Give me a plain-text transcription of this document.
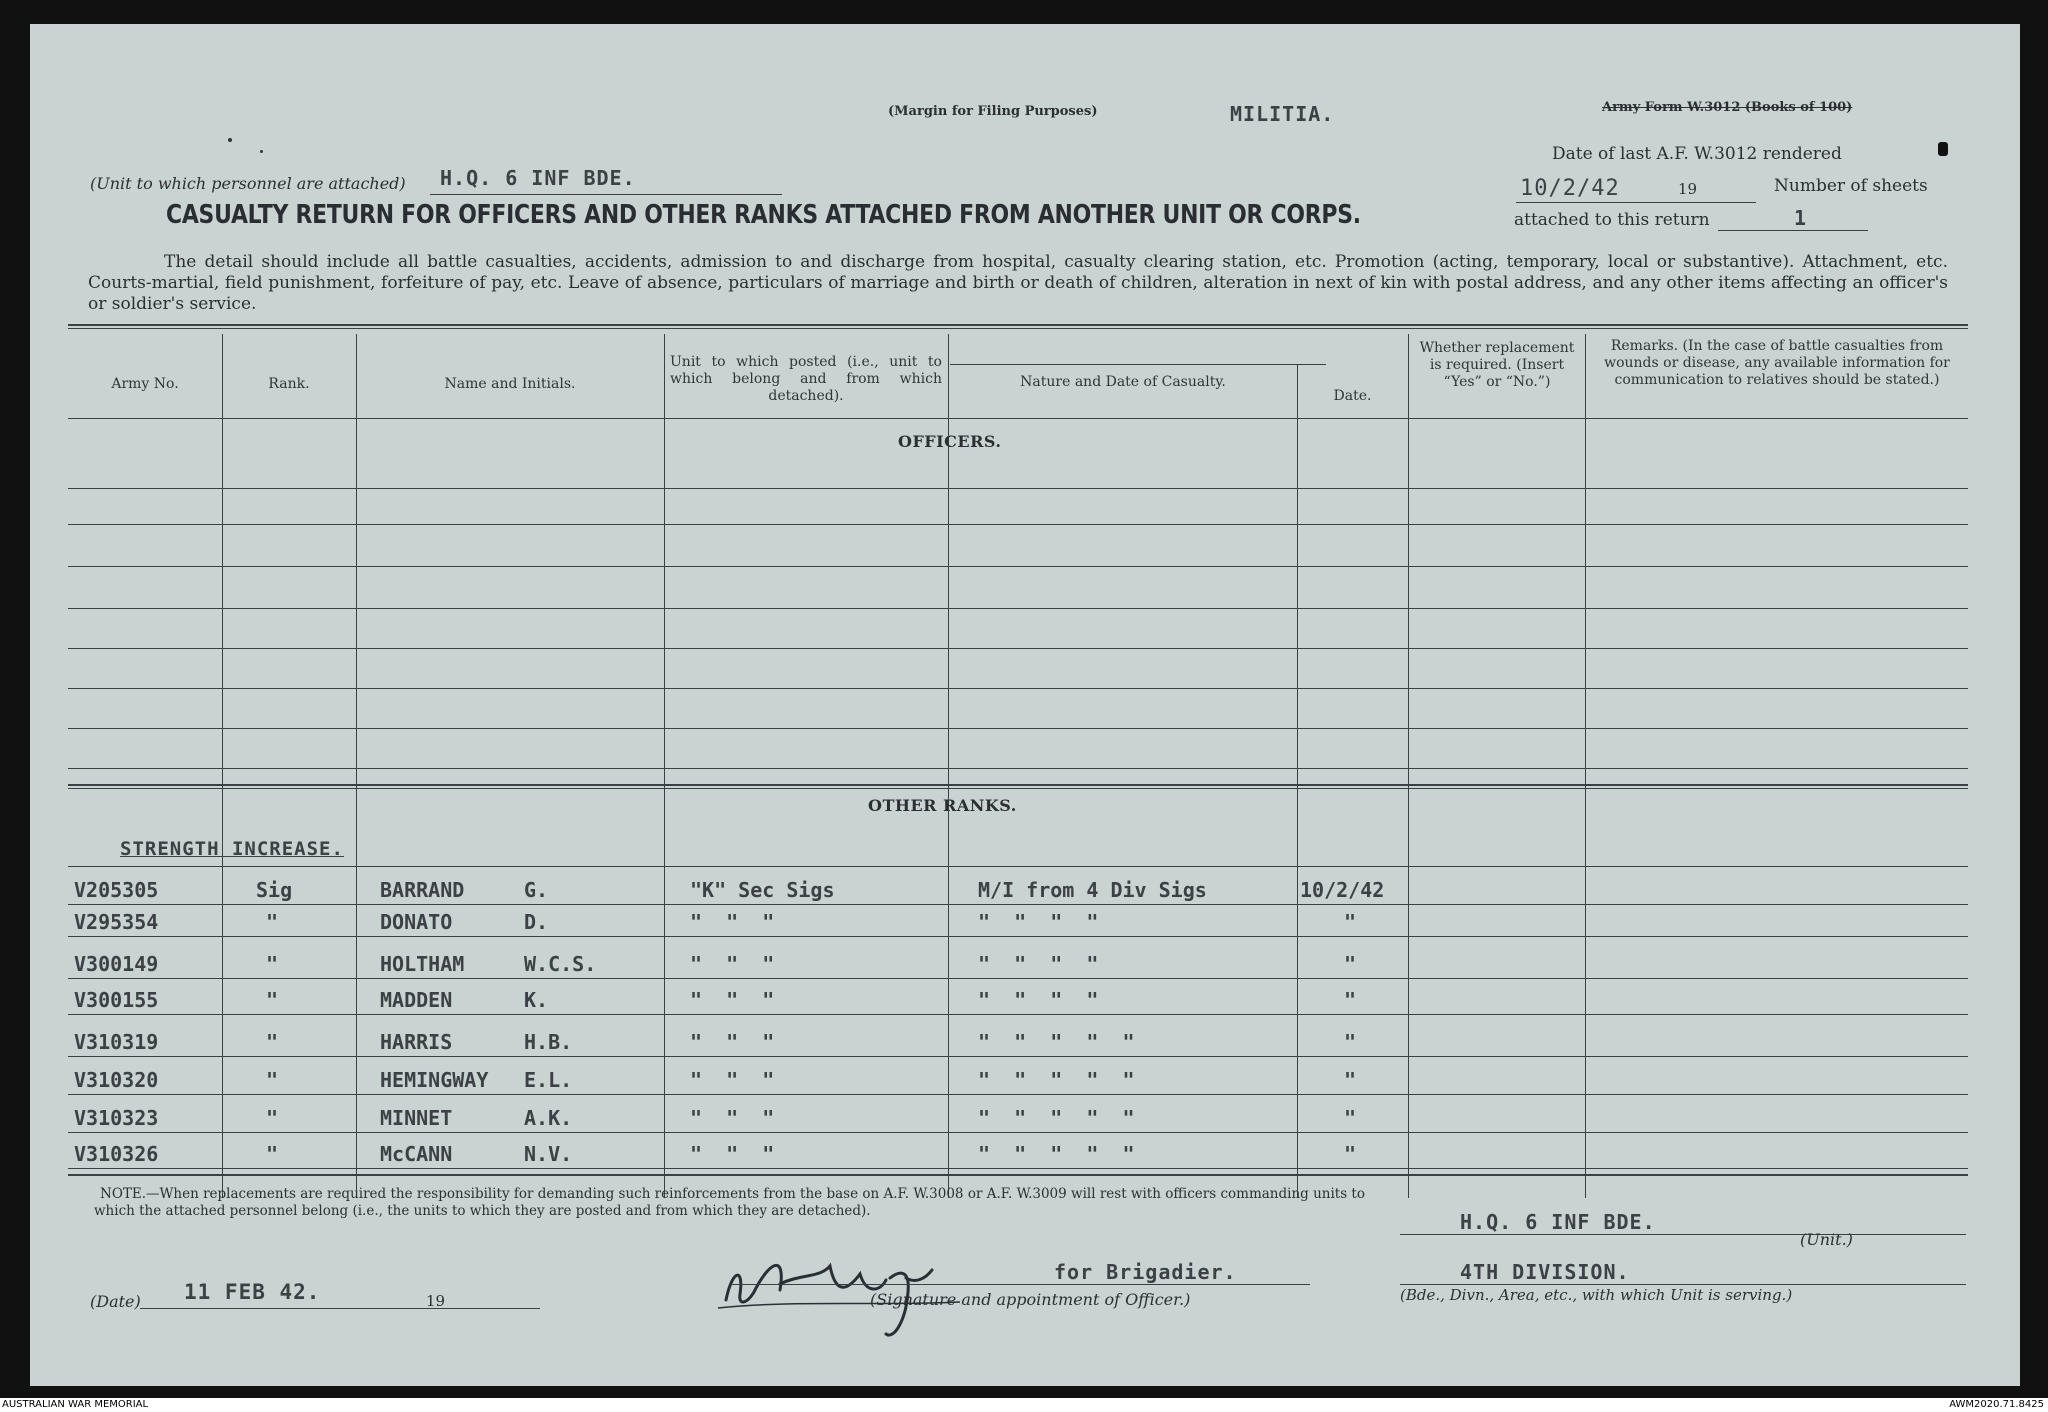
(Margin for Filing Purposes)	MILITIA.	Army Form W.3012 (Books of 100)
(Unit to which personnel are attached) H.Q. 6 INF BDE.
CASUALTY RETURN FOR OFFICERS AND OTHER RANKS ATTACHED FROM ANOTHER UNIT OR CORPS.
Date of last A.F. W.3012 rendered
10/2/42	19	Number of sheets
attached to this return	1
The detail should include all battle casualties, accidents, admission to and discharge from hospital, casualty clearing station, etc. Promotion (acting, temporary, local or substantive). Attachment, etc. Courts-martial, field punishment, forfeiture of pay, etc. Leave of absence, particulars of marriage and birth or death of children, alteration in next of kin with postal address, and any other items affecting an officer's or soldier's service.
Army No.	Rank.	Name and Initials.
Unit to which posted (i.e., unit to which belong and from which detached).
Nature and Date of Casualty.
Date.
Whether replacement is required. (Insert “Yes” or “No.”)
Remarks. (In the case of battle casualties from wounds or disease, any available information for communication to relatives should be stated.)
OFFICERS.
OTHER RANKS.
STRENGTH INCREASE.
V205305	Sig	BARRAND	G.	"K" Sec Sigs	M/I from 4 Div Sigs	10/2/42
V295354	"	DONATO	D.	"  "  "	"  "  "  "	"
V300149	"	HOLTHAM	W.C.S.	"  "  "	"  "  "  "	"
V300155	"	MADDEN	K.	"  "  "	"  "  "  "	"
V310319	"	HARRIS	H.B.	"  "  "	"  "  "  "  "	"
V310320	"	HEMINGWAY E.L.	"  "  "	"  "  "  "  "	"
V310323	"	MINNET	A.K.	"  "  "	"  "  "  "  "	"
V310326	"	McCANN	N.V.	"  "  "	"  "  "  "  "	"
NOTE.—When replacements are required the responsibility for demanding such reinforcements from the base on A.F. W.3008 or A.F. W.3009 will rest with officers commanding units to which the attached personnel belong (i.e., the units to which they are posted and from which they are detached).	H.Q. 6 INF BDE.
(Unit.)
4TH DIVISION.
(Bde., Divn., Area, etc., with which Unit is serving.)
(Date) 11 FEB 42.	19
for Brigadier.
(Signature and appointment of Officer.)
AUSTRALIAN WAR MEMORIAL	AWM2020.71.8425
